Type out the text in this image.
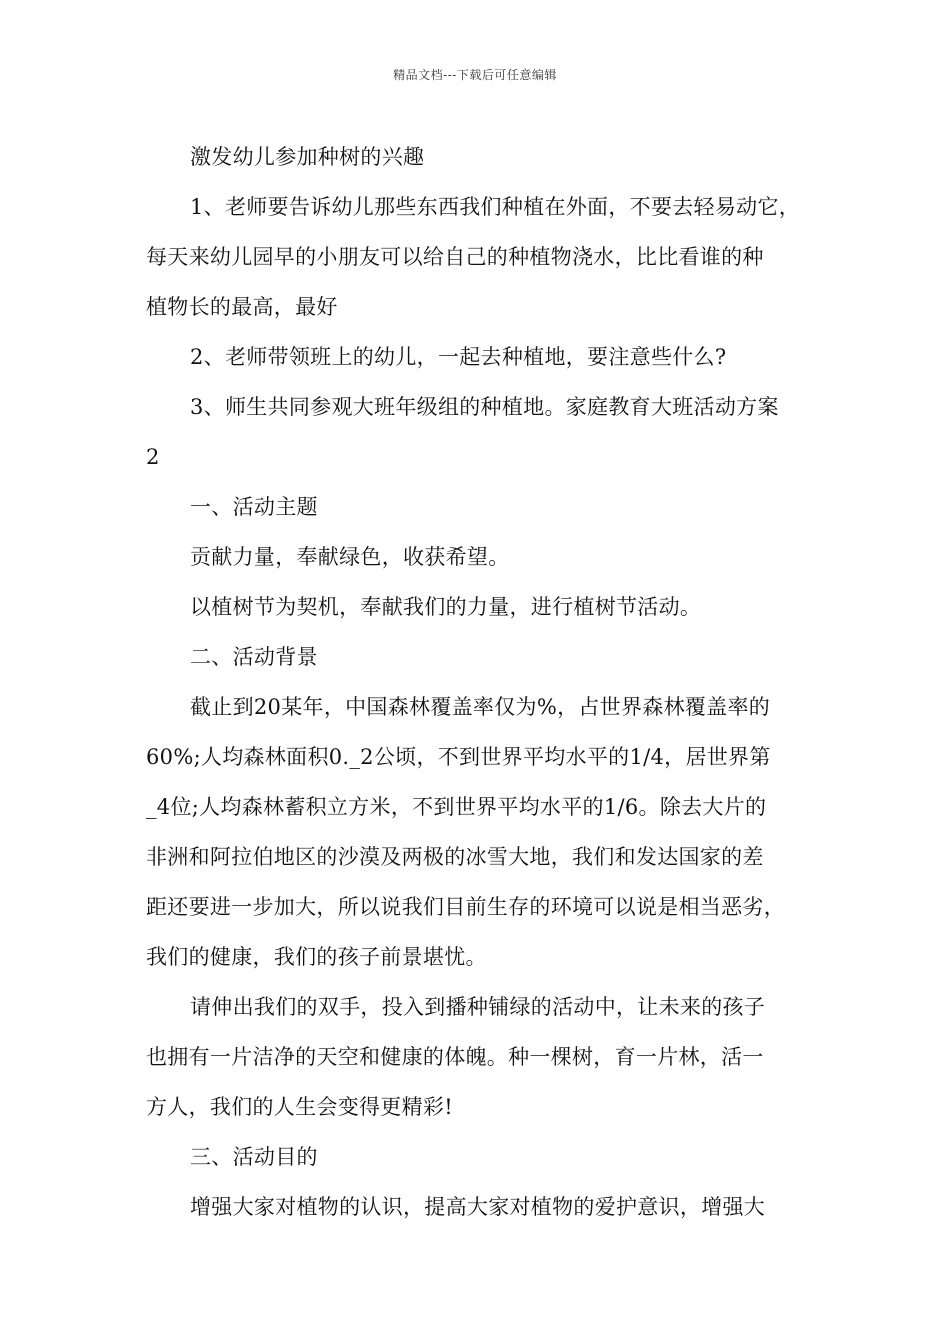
精品文档---下载后可任意编辑
激发幼儿参加种树的兴趣
1、老师要告诉幼儿那些东西我们种植在外面，不要去轻易动它，
每天来幼儿园早的小朋友可以给自己的种植物浇水，比比看谁的种
植物长的最高，最好
2、老师带领班上的幼儿，一起去种植地，要注意些什么?
3、师生共同参观大班年级组的种植地。家庭教育大班活动方案
2
一、活动主题
贡献力量，奉献绿色，收获希望。
以植树节为契机，奉献我们的力量，进行植树节活动。
二、活动背景
截止到20某年，中国森林覆盖率仅为%，占世界森林覆盖率的
60%;人均森林面积0._2公顷，不到世界平均水平的1/4，居世界第
_4位;人均森林蓄积立方米，不到世界平均水平的1/6。除去大片的
非洲和阿拉伯地区的沙漠及两极的冰雪大地，我们和发达国家的差
距还要进一步加大，所以说我们目前生存的环境可以说是相当恶劣，
我们的健康，我们的孩子前景堪忧。
请伸出我们的双手，投入到播种铺绿的活动中，让未来的孩子
也拥有一片洁净的天空和健康的体魄。种一棵树，育一片林，活一
方人，我们的人生会变得更精彩!
三、活动目的
增强大家对植物的认识，提高大家对植物的爱护意识，增强大
